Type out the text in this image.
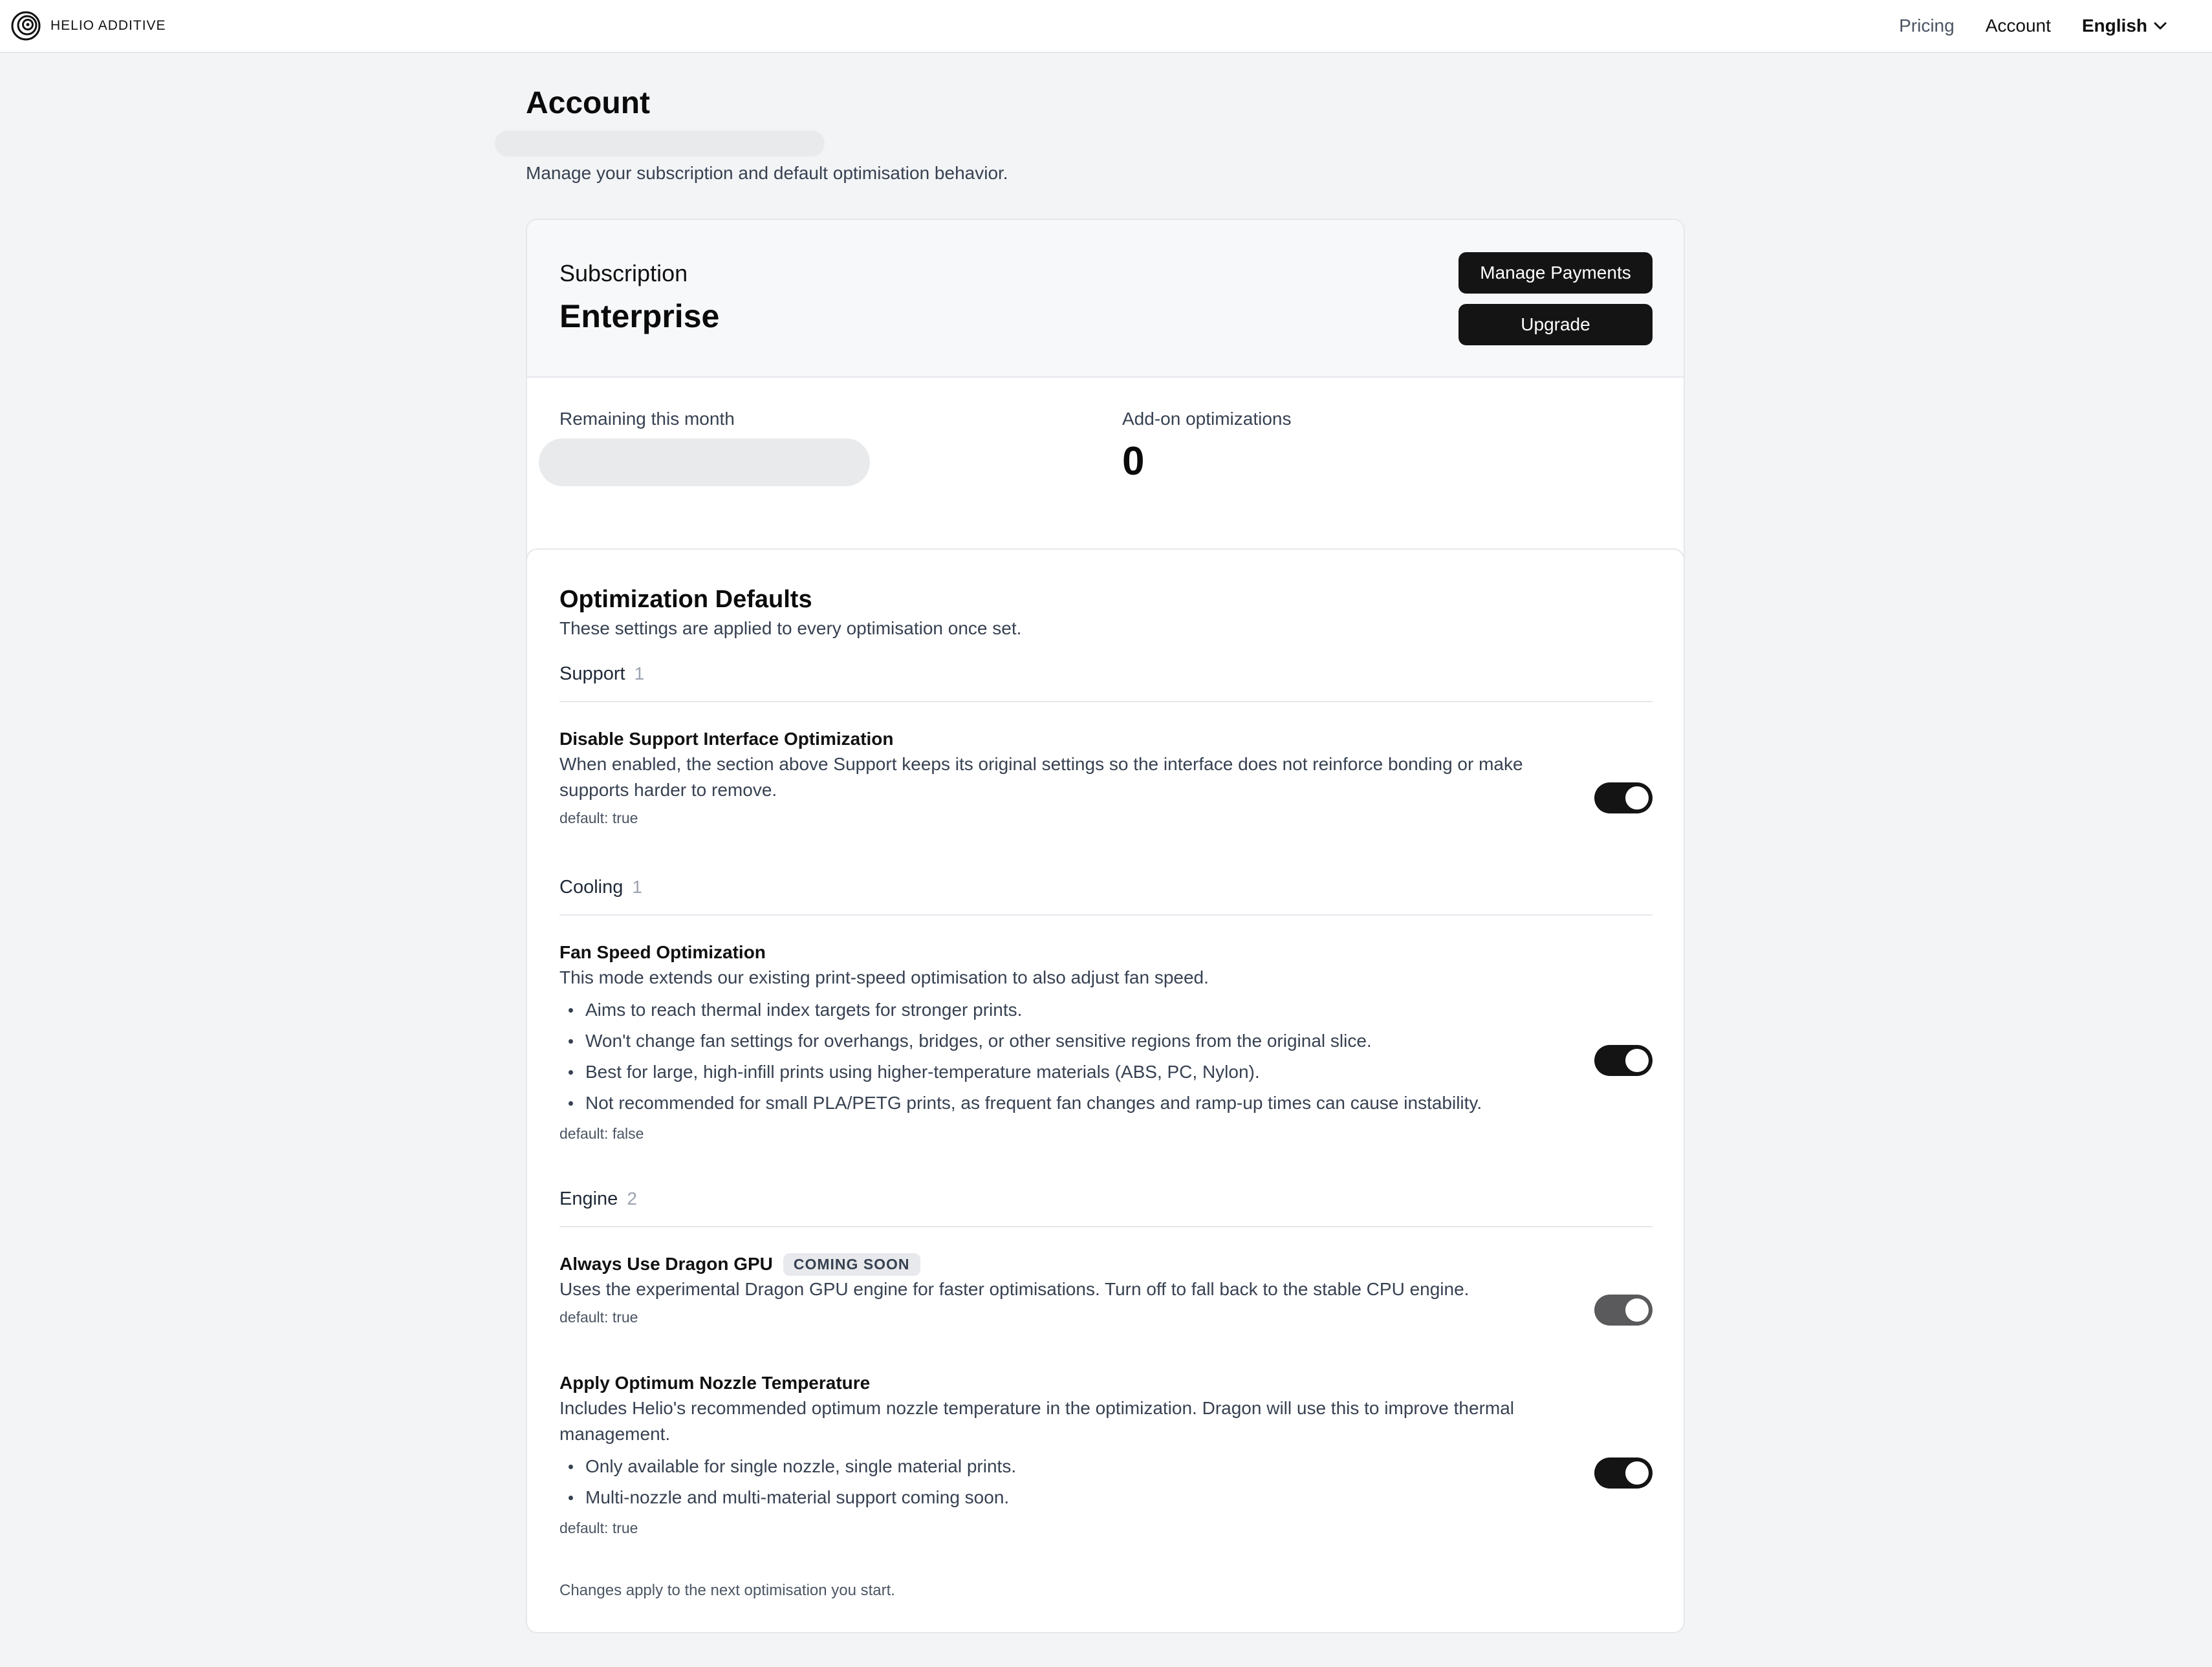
HELIO ADDITIVE	Pricing Account English
Account

Manage your subscription and default optimisation behavior.

Subscription
Enterprise
Manage Payments
Upgrade
Remaining this month	Add-on optimizations
0
Optimization Defaults

These settings are applied to every optimisation once set.

Support 1
Disable Support Interface Optimization
When enabled, the section above Support keeps its original settings so the interface does not reinforce bonding or make supports harder to remove.
default: true
Cooling 1
Fan Speed Optimization
This mode extends our existing print-speed optimisation to also adjust fan speed.
Aims to reach thermal index targets for stronger prints.
Won't change fan settings for overhangs, bridges, or other sensitive regions from the original slice.
Best for large, high-infill prints using higher-temperature materials (ABS, PC, Nylon).
Not recommended for small PLA/PETG prints, as frequent fan changes and ramp-up times can cause instability.
default: false
Engine 2
Always Use Dragon GPU	COMING SOON
Uses the experimental Dragon GPU engine for faster optimisations. Turn off to fall back to the stable CPU engine.
default: true
Apply Optimum Nozzle Temperature
Includes Helio's recommended optimum nozzle temperature in the optimization. Dragon will use this to improve thermal management.
Only available for single nozzle, single material prints.
Multi-nozzle and multi-material support coming soon.
default: true

Changes apply to the next optimisation you start.
